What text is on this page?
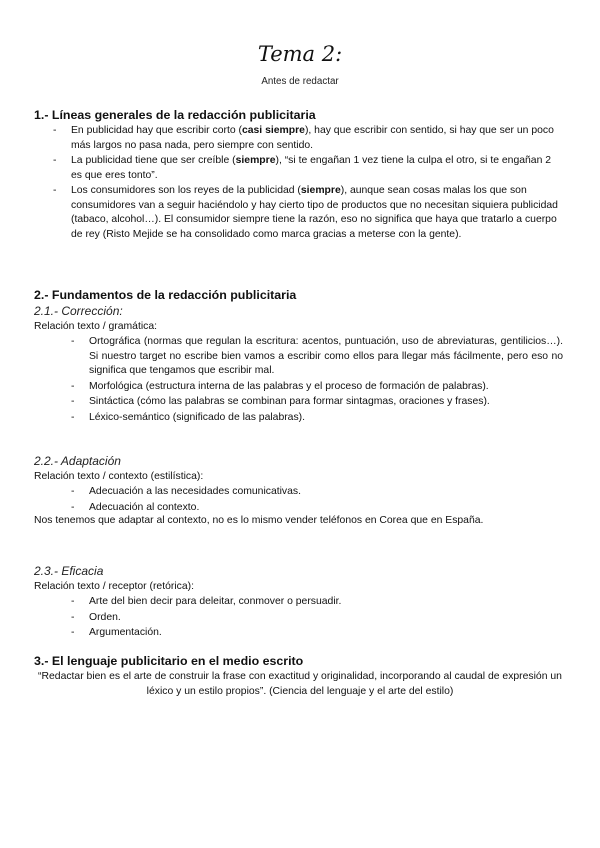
Tema 2:
Antes de redactar
1.- Líneas generales de la redacción publicitaria
- En publicidad hay que escribir corto (casi siempre), hay que escribir con sentido, si hay que ser un poco más largos no pasa nada, pero siempre con sentido.
- La publicidad tiene que ser creíble (siempre), “si te engañan 1 vez tiene la culpa el otro, si te engañan 2 es que eres tonto”.
- Los consumidores son los reyes de la publicidad (siempre), aunque sean cosas malas los que son consumidores van a seguir haciéndolo y hay cierto tipo de productos que no necesitan siquiera publicidad (tabaco, alcohol…). El consumidor siempre tiene la razón, eso no significa que haya que tratarlo a cuerpo de rey (Risto Mejide se ha consolidado como marca gracias a meterse con la gente).
2.- Fundamentos de la redacción publicitaria
2.1.- Corrección:
Relación texto / gramática:
- Ortográfica (normas que regulan la escritura: acentos, puntuación, uso de abreviaturas, gentilicios…). Si nuestro target no escribe bien vamos a escribir como ellos para llegar más fácilmente, pero eso no significa que tengamos que escribir mal.
- Morfológica (estructura interna de las palabras y el proceso de formación de palabras).
- Sintáctica (cómo las palabras se combinan para formar sintagmas, oraciones y frases).
- Léxico-semántico (significado de las palabras).
2.2.- Adaptación
Relación texto / contexto (estilística):
- Adecuación a las necesidades comunicativas.
- Adecuación al contexto.
Nos tenemos que adaptar al contexto, no es lo mismo vender teléfonos en Corea que en España.
2.3.- Eficacia
Relación texto / receptor (retórica):
- Arte del bien decir para deleitar, conmover o persuadir.
- Orden.
- Argumentación.
3.- El lenguaje publicitario en el medio escrito
“Redactar bien es el arte de construir la frase con exactitud y originalidad, incorporando al caudal de expresión un léxico y un estilo propios”. (Ciencia del lenguaje y el arte del estilo)
